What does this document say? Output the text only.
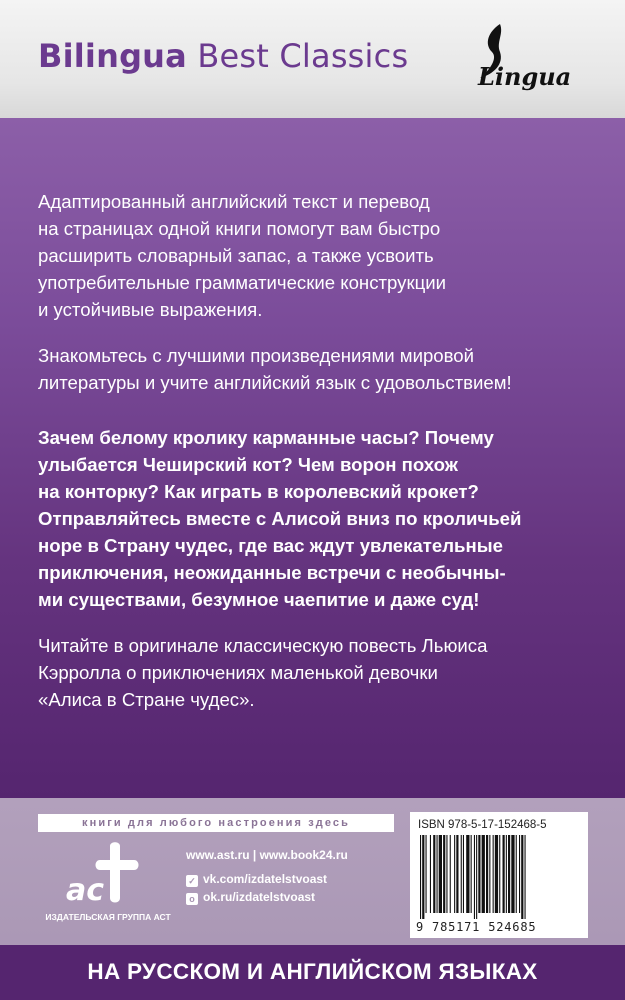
Bilingua Best Classics
Lingua

Адаптированный английский текст и перевод
на страницах одной книги помогут вам быстро
расширить словарный запас, а также усвоить
употребительные грамматические конструкции
и устойчивые выражения.

Знакомьтесь с лучшими произведениями мировой
литературы и учите английский язык с удовольствием!

Зачем белому кролику карманные часы? Почему
улыбается Чеширский кот? Чем ворон похож
на конторку? Как играть в королевский крокет?
Отправляйтесь вместе с Алисой вниз по кроличьей
норе в Страну чудес, где вас ждут увлекательные
приключения, неожиданные встречи с необычны-
ми существами, безумное чаепитие и даже суд!

Читайте в оригинале классическую повесть Льюиса
Кэрролла о приключениях маленькой девочки
«Алиса в Стране чудес».

книги для любого настроения здесь
ac
ИЗДАТЕЛЬСКАЯ ГРУППА АСТ
www.ast.ru | www.book24.ru
✓ vk.com/izdatelstvoast
o ok.ru/izdatelstvoast
ISBN 978-5-17-152468-5
9 785171 524685
НА РУССКОМ И АНГЛИЙСКОМ ЯЗЫКАХ
